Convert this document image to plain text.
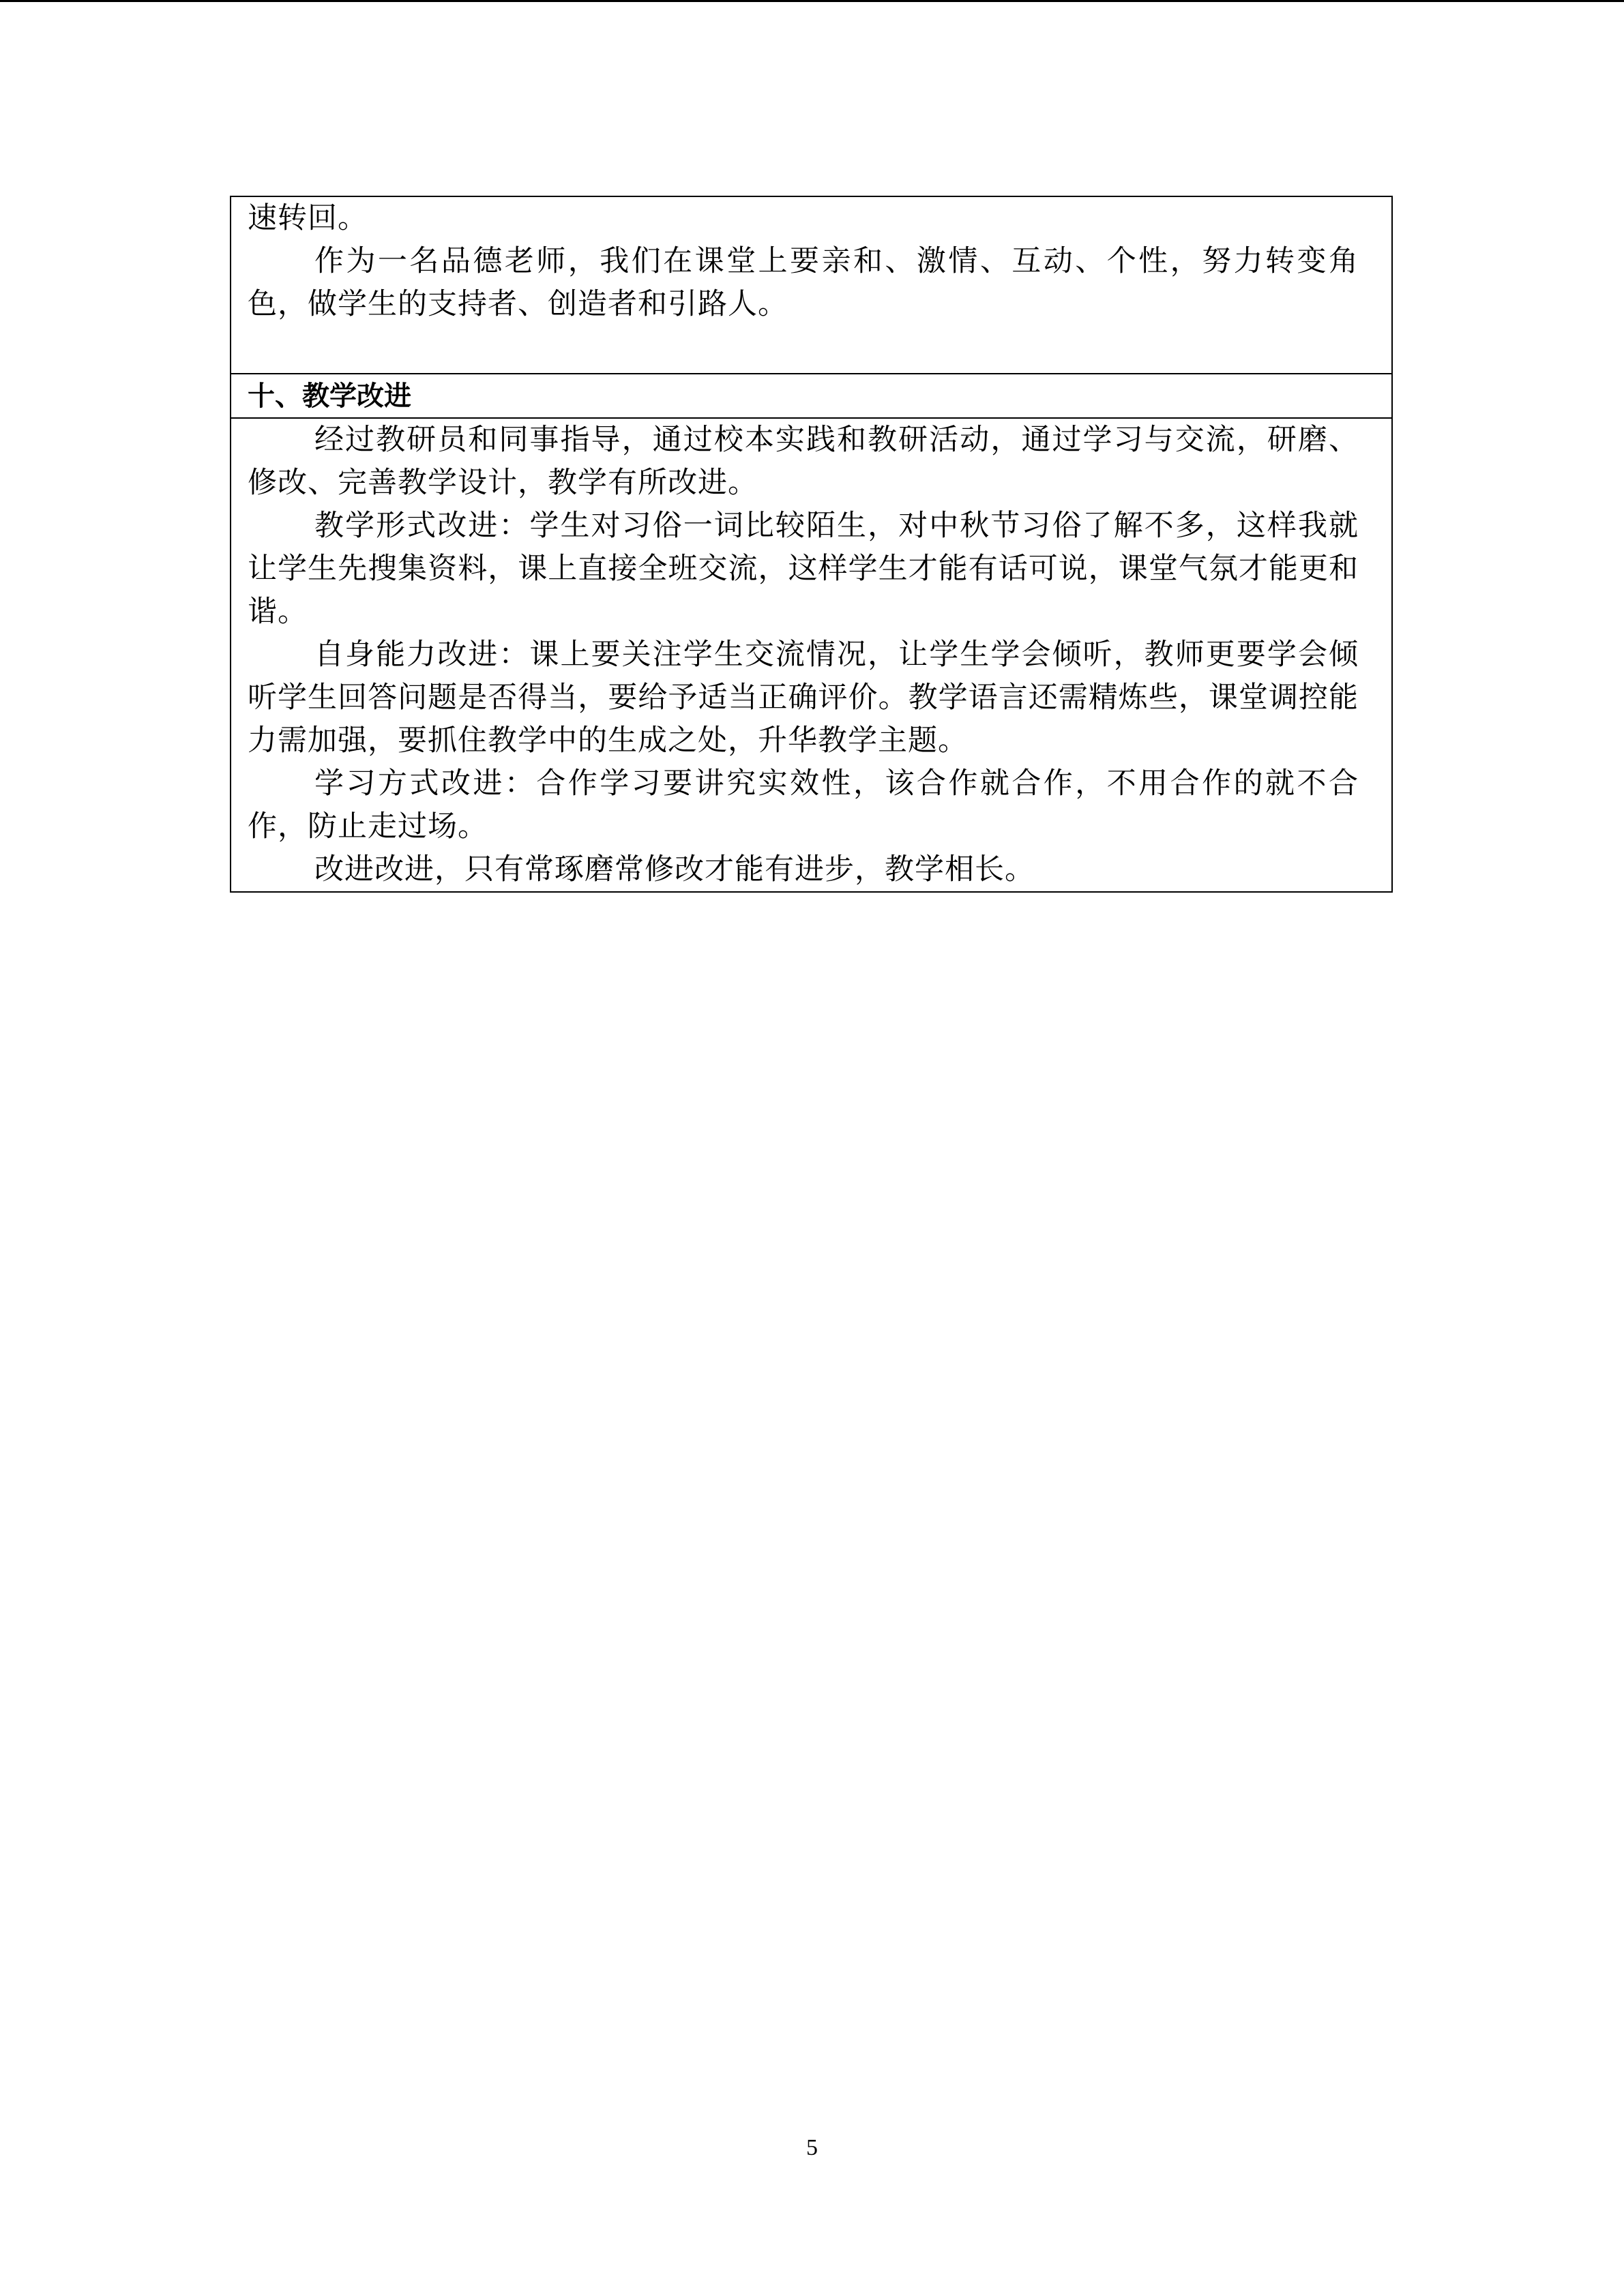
速转回。

作为一名品德老师，我们在课堂上要亲和、激情、互动、个性，努力转变角色，做学生的支持者、创造者和引路人。

十、教学改进

经过教研员和同事指导，通过校本实践和教研活动，通过学习与交流，研磨、修改、完善教学设计，教学有所改进。

教学形式改进：学生对习俗一词比较陌生，对中秋节习俗了解不多，这样我就让学生先搜集资料，课上直接全班交流，这样学生才能有话可说，课堂气氛才能更和谐。

自身能力改进：课上要关注学生交流情况，让学生学会倾听，教师更要学会倾听学生回答问题是否得当，要给予适当正确评价。教学语言还需精炼些，课堂调控能力需加强，要抓住教学中的生成之处，升华教学主题。

学习方式改进：合作学习要讲究实效性，该合作就合作，不用合作的就不合作，防止走过场。

改进改进，只有常琢磨常修改才能有进步，教学相长。

5
